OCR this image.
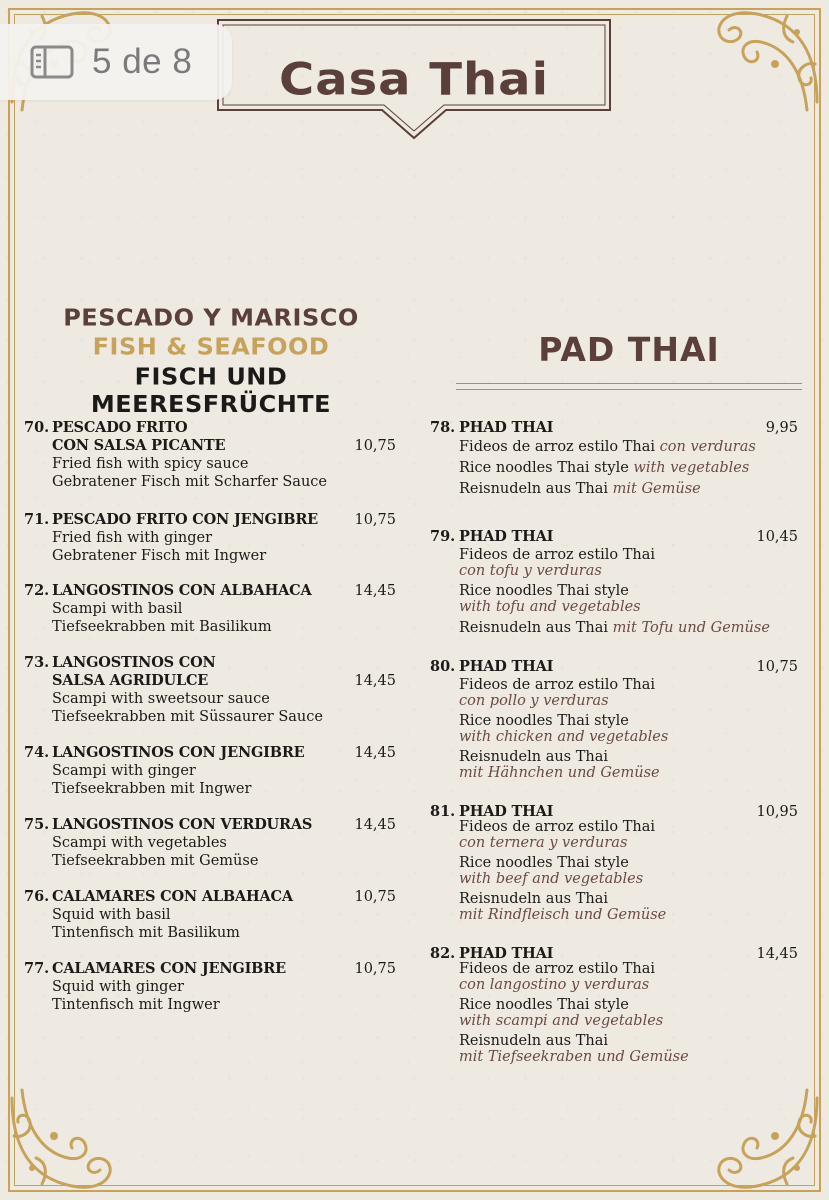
Casa Thai
5 de 8
PESCADO Y MARISCO
FISH & SEAFOOD
FISCH UND MEERESFRÜCHTE
PAD THAI
70. PESCADO FRITO
CON SALSA PICANTE
Fried fish with spicy sauce
Gebratener Fisch mit Scharfer Sauce
10,75
71. PESCADO FRITO CON JENGIBRE
Fried fish with ginger
Gebratener Fisch mit Ingwer
10,75
72. LANGOSTINOS CON ALBAHACA
Scampi with basil
Tiefseekrabben mit Basilikum
14,45
73. LANGOSTINOS CON
SALSA AGRIDULCE
Scampi with sweetsour sauce
Tiefseekrabben mit Süssaurer Sauce
14,45
74. LANGOSTINOS CON JENGIBRE
Scampi with ginger
Tiefseekrabben mit Ingwer
14,45
75. LANGOSTINOS CON VERDURAS
Scampi with vegetables
Tiefseekrabben mit Gemüse
14,45
76. CALAMARES CON ALBAHACA
Squid with basil
Tintenfisch mit Basilikum
10,75
77. CALAMARES CON JENGIBRE
Squid with ginger
Tintenfisch mit Ingwer
10,75
78. PHAD THAI
Fideos de arroz estilo Thai con verduras
Rice noodles Thai style with vegetables
Reisnudeln aus Thai mit Gemüse
9,95
79. PHAD THAI
Fideos de arroz estilo Thai
con tofu y verduras
Rice noodles Thai style
with tofu and vegetables
Reisnudeln aus Thai mit Tofu und Gemüse
10,45
80. PHAD THAI
Fideos de arroz estilo Thai
con pollo y verduras
Rice noodles Thai style
with chicken and vegetables
Reisnudeln aus Thai
mit Hähnchen und Gemüse
10,75
81. PHAD THAI
Fideos de arroz estilo Thai
con ternera y verduras
Rice noodles Thai style
with beef and vegetables
Reisnudeln aus Thai
mit Rindfleisch und Gemüse
10,95
82. PHAD THAI
Fideos de arroz estilo Thai
con langostino y verduras
Rice noodles Thai style
with scampi and vegetables
Reisnudeln aus Thai
mit Tiefseekraben und Gemüse
14,45
